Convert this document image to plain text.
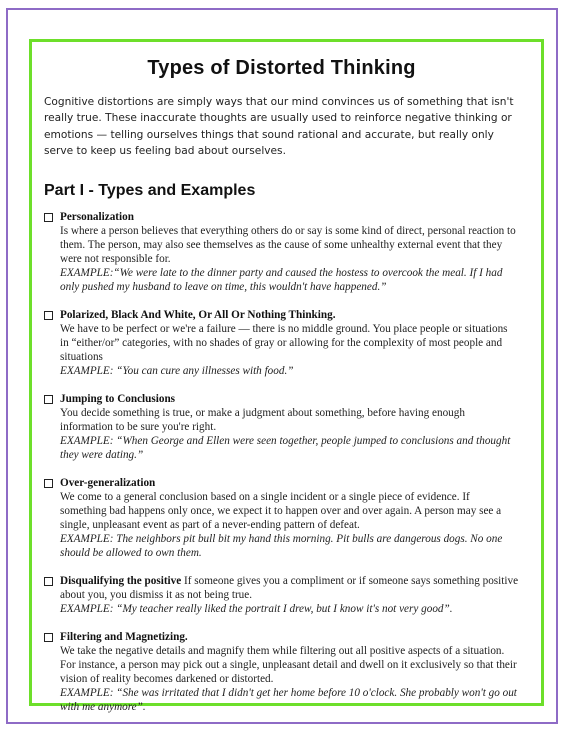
Types of Distorted Thinking

Cognitive distortions are simply ways that our mind convinces us of something that isn't really true. These inaccurate thoughts are usually used to reinforce negative thinking or emotions — telling ourselves things that sound rational and accurate, but really only serve to keep us feeling bad about ourselves.

Part I - Types and Examples
Personalization
Is where a person believes that everything others do or say is some kind of direct, personal reaction to them. The person, may also see themselves as the cause of some unhealthy external event that they were not responsible for.
EXAMPLE:“We were late to the dinner party and caused the hostess to overcook the meal. If I had only pushed my husband to leave on time, this wouldn't have happened.”
Polarized, Black And White, Or All Or Nothing Thinking.
We have to be perfect or we're a failure — there is no middle ground. You place people or situations in “either/or” categories, with no shades of gray or allowing for the complexity of most people and situations
EXAMPLE: “You can cure any illnesses with food.”
Jumping to Conclusions
You decide something is true, or make a judgment about something, before having enough information to be sure you're right.
EXAMPLE: “When George and Ellen were seen together, people jumped to conclusions and thought they were dating.”
Over-generalization
We come to a general conclusion based on a single incident or a single piece of evidence. If something bad happens only once, we expect it to happen over and over again. A person may see a single, unpleasant event as part of a never-ending pattern of defeat.
EXAMPLE: The neighbors pit bull bit my hand this morning. Pit bulls are dangerous dogs. No one should be allowed to own them.
Disqualifying the positive If someone gives you a compliment or if someone says something positive about you, you dismiss it as not being true.
EXAMPLE: “My teacher really liked the portrait I drew, but I know it's not very good”.
Filtering and Magnetizing.
We take the negative details and magnify them while filtering out all positive aspects of a situation. For instance, a person may pick out a single, unpleasant detail and dwell on it exclusively so that their vision of reality becomes darkened or distorted.
EXAMPLE: “She was irritated that I didn't get her home before 10 o'clock. She probably won't go out with me anymore”.
